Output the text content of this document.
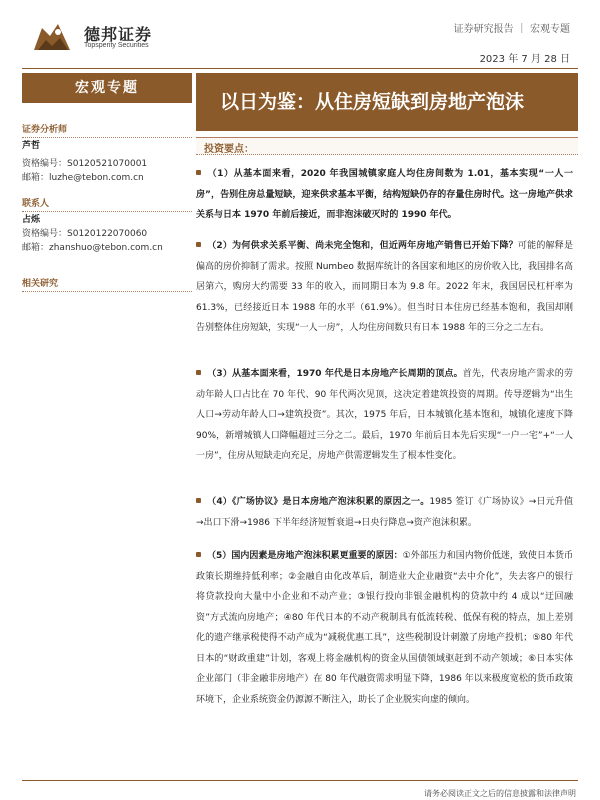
德邦证券
Topsperity Securities
证券研究报告 ｜ 宏观专题
2023 年 7 月 28 日
宏观专题
以日为鉴：从住房短缺到房地产泡沫
证券分析师
芦哲
资格编号：S0120521070001
邮箱：luzhe@tebon.com.cn
联系人
占烁
资格编号：S0120122070060
邮箱：zhanshuo@tebon.com.cn
相关研究
投资要点：
（1）从基本面来看，2020 年我国城镇家庭人均住房间数为 1.01，基本实现“一人一房”，告别住房总量短缺，迎来供求基本平衡，结构短缺仍存的存量住房时代。这一房地产供求关系与日本 1970 年前后接近，而非泡沫破灭时的 1990 年代。
（2）为何供求关系平衡、尚未完全饱和，但近两年房地产销售已开始下降？可能的解释是偏高的房价抑制了需求。按照 Numbeo 数据库统计的各国家和地区的房价收入比，我国排名高居第六，购房大约需要 33 年的收入，而同期日本为 9.8 年。2022 年末，我国居民杠杆率为 61.3%，已经接近日本 1988 年的水平（61.9%）。但当时日本住房已经基本饱和，我国却刚告别整体住房短缺，实现“一人一房”，人均住房间数只有日本 1988 年的三分之二左右。
（3）从基本面来看，1970 年代是日本房地产长周期的顶点。首先，代表房地产需求的劳动年龄人口占比在 70 年代、90 年代两次见顶，这决定着建筑投资的周期。传导逻辑为“出生人口→劳动年龄人口→建筑投资”。其次，1975 年后，日本城镇化基本饱和，城镇化速度下降 90%，新增城镇人口降幅超过三分之二。最后，1970 年前后日本先后实现“一户一宅”+“一人一房”，住房从短缺走向充足，房地产供需逻辑发生了根本性变化。
（4）《广场协议》是日本房地产泡沫积累的原因之一。1985 签订《广场协议》→日元升值→出口下滑→1986 下半年经济短暂衰退→日央行降息→资产泡沫积累。
（5）国内因素是房地产泡沫积累更重要的原因：①外部压力和国内物价低迷，致使日本货币政策长期维持低利率；②金融自由化改革后，制造业大企业融资“去中介化”，失去客户的银行将贷款投向大量中小企业和不动产业；③银行投向非银金融机构的贷款中约 4 成以“迂回融资”方式流向房地产；④80 年代日本的不动产税制具有低流转税、低保有税的特点，加上差别化的遗产继承税使得不动产成为“减税优惠工具”，这些税制设计刺激了房地产投机；⑤80 年代日本的“财政重建”计划，客观上将金融机构的资金从国债领域驱赶到不动产领域；⑥日本实体企业部门（非金融非房地产）在 80 年代融资需求明显下降，1986 年以来极度宽松的货币政策环境下，企业系统资金仍源源不断注入，助长了企业脱实向虚的倾向。
请务必阅读正文之后的信息披露和法律声明
